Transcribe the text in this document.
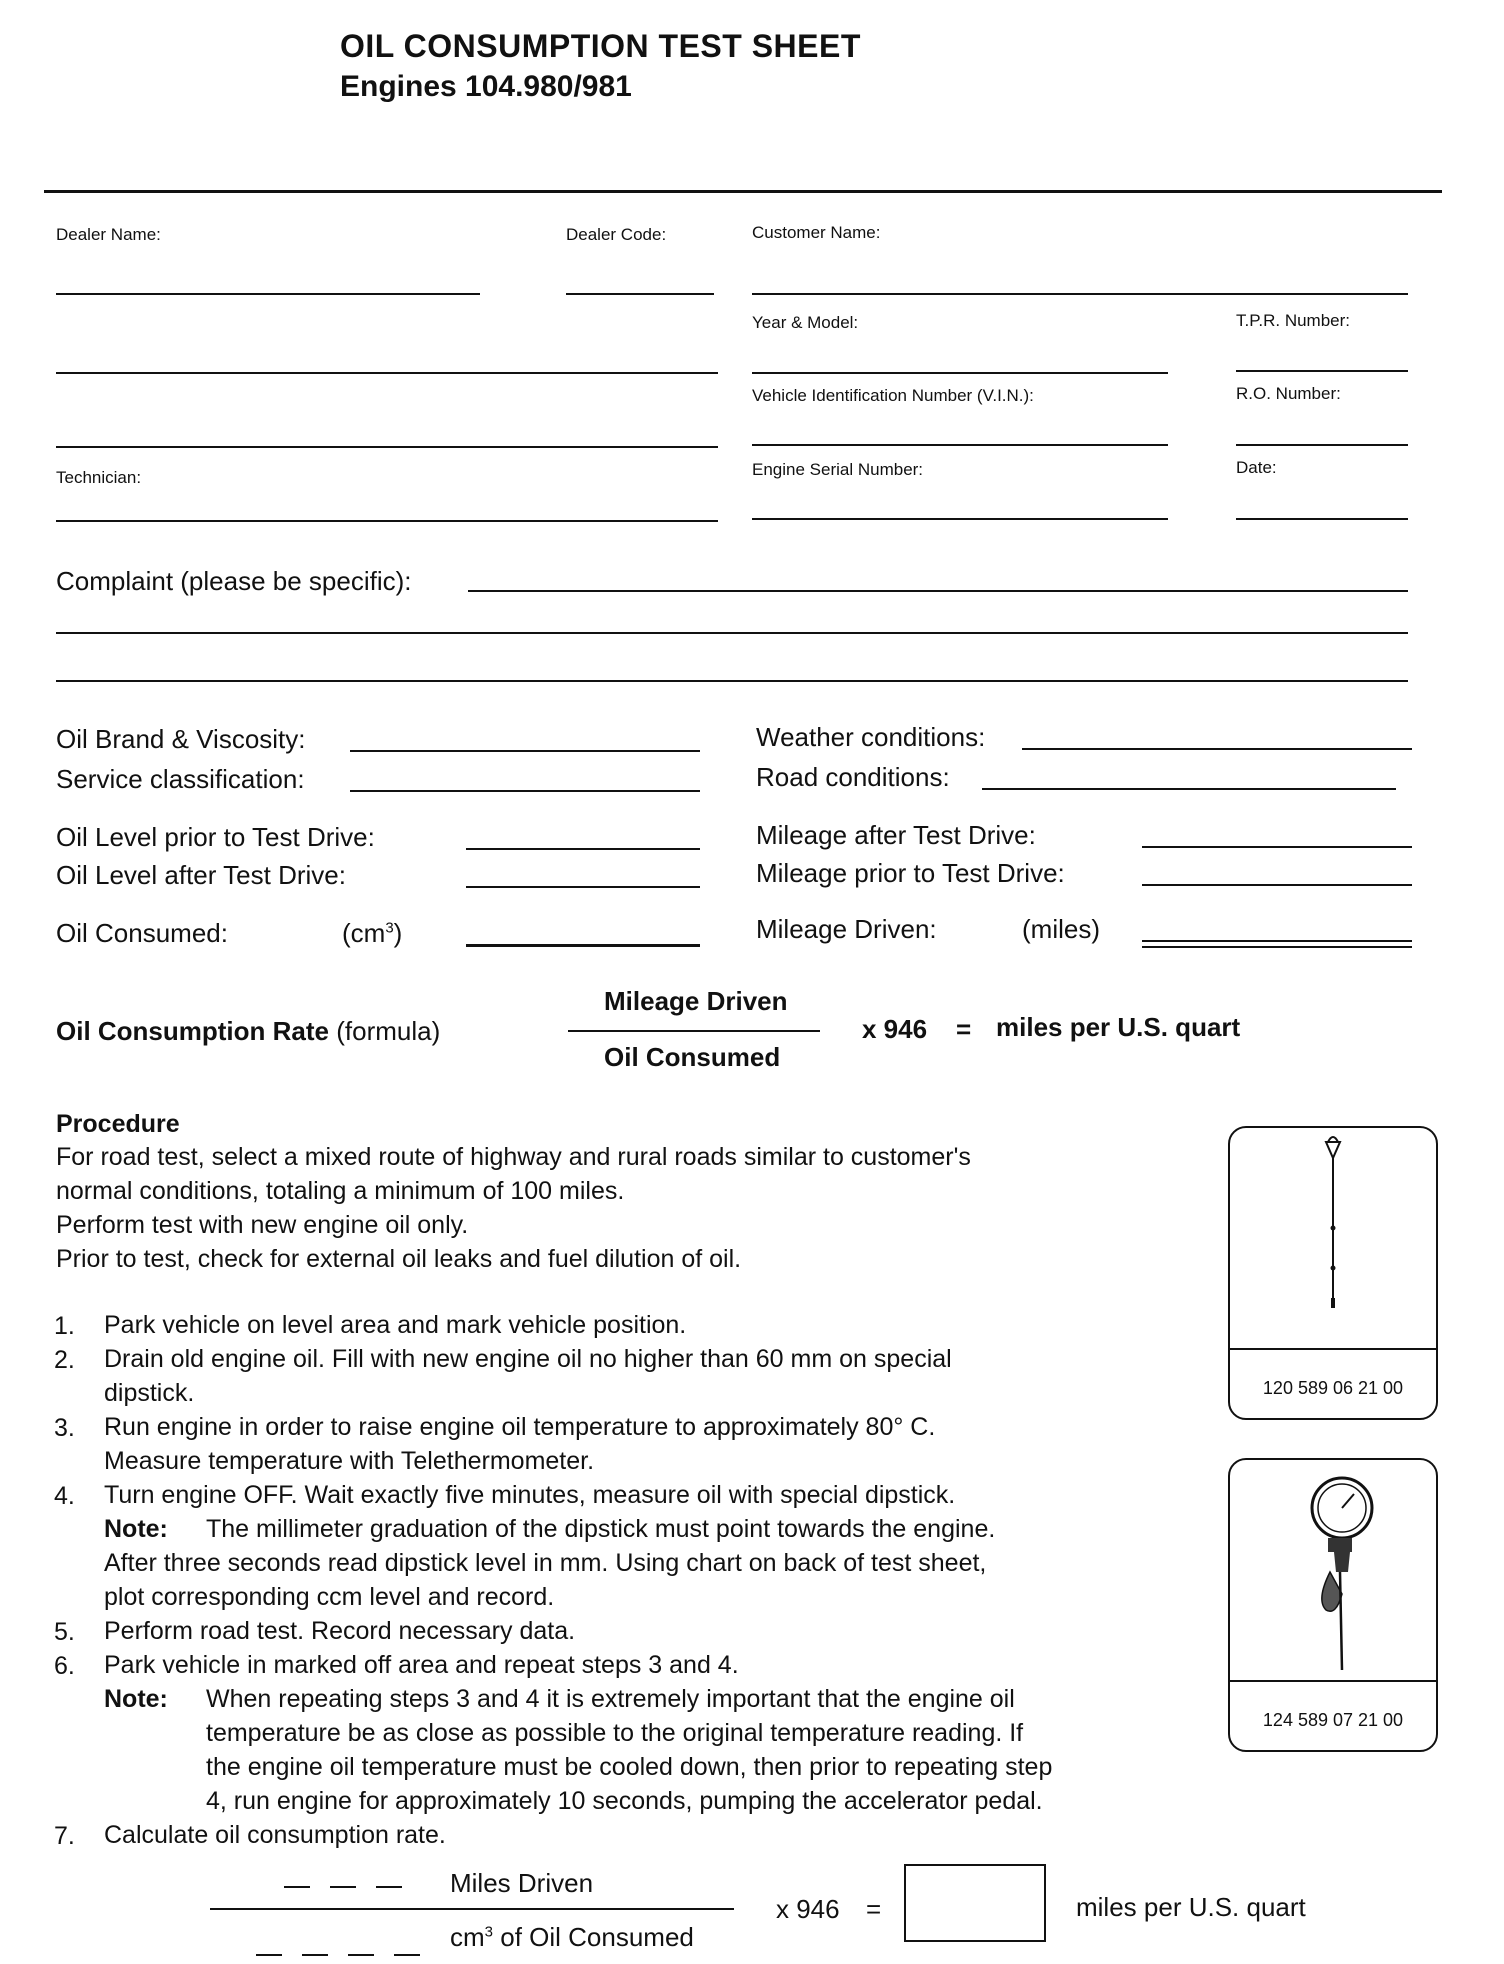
OIL CONSUMPTION TEST SHEET
Engines 104.980/981
Dealer Name:	Dealer Code:	Customer Name:
Year & Model:	T.P.R. Number:
Vehicle Identification Number (V.I.N.):	R.O. Number:
Technician:	Engine Serial Number:	Date:
Complaint (please be specific):
Oil Brand & Viscosity:
Service classification:
Oil Level prior to Test Drive:
Oil Level after Test Drive:
Oil Consumed:	$(cm^3)$
Weather conditions:
Road conditions:
Mileage after Test Drive:
Mileage prior to Test Drive:
Mileage Driven:	(miles)
Oil Consumption Rate (formula)
Mileage Driven
Oil Consumed
x 946 = miles per U.S. quart
Procedure
For road test, select a mixed route of highway and rural roads similar to customer's
normal conditions, totaling a minimum of 100 miles.
Perform test with new engine oil only.
Prior to test, check for external oil leaks and fuel dilution of oil.
1. Park vehicle on level area and mark vehicle position.
2. Drain old engine oil. Fill with new engine oil no higher than 60 mm on special
dipstick.
3. Run engine in order to raise engine oil temperature to approximately 80° C.
Measure temperature with Telethermometer.
4. Turn engine OFF. Wait exactly five minutes, measure oil with special dipstick.
Note: The millimeter graduation of the dipstick must point towards the engine.
After three seconds read dipstick level in mm. Using chart on back of test sheet,
plot corresponding ccm level and record.
5. Perform road test. Record necessary data.
6. Park vehicle in marked off area and repeat steps 3 and 4.
Note: When repeating steps 3 and 4 it is extremely important that the engine oil
temperature be as close as possible to the original temperature reading. If
the engine oil temperature must be cooled down, then prior to repeating step
4, run engine for approximately 10 seconds, pumping the accelerator pedal.
7. Calculate oil consumption rate.
120 589 06 21 00
124 589 07 21 00
Miles Driven
$cm^3$ of Oil Consumed
x 946 =	miles per U.S. quart
